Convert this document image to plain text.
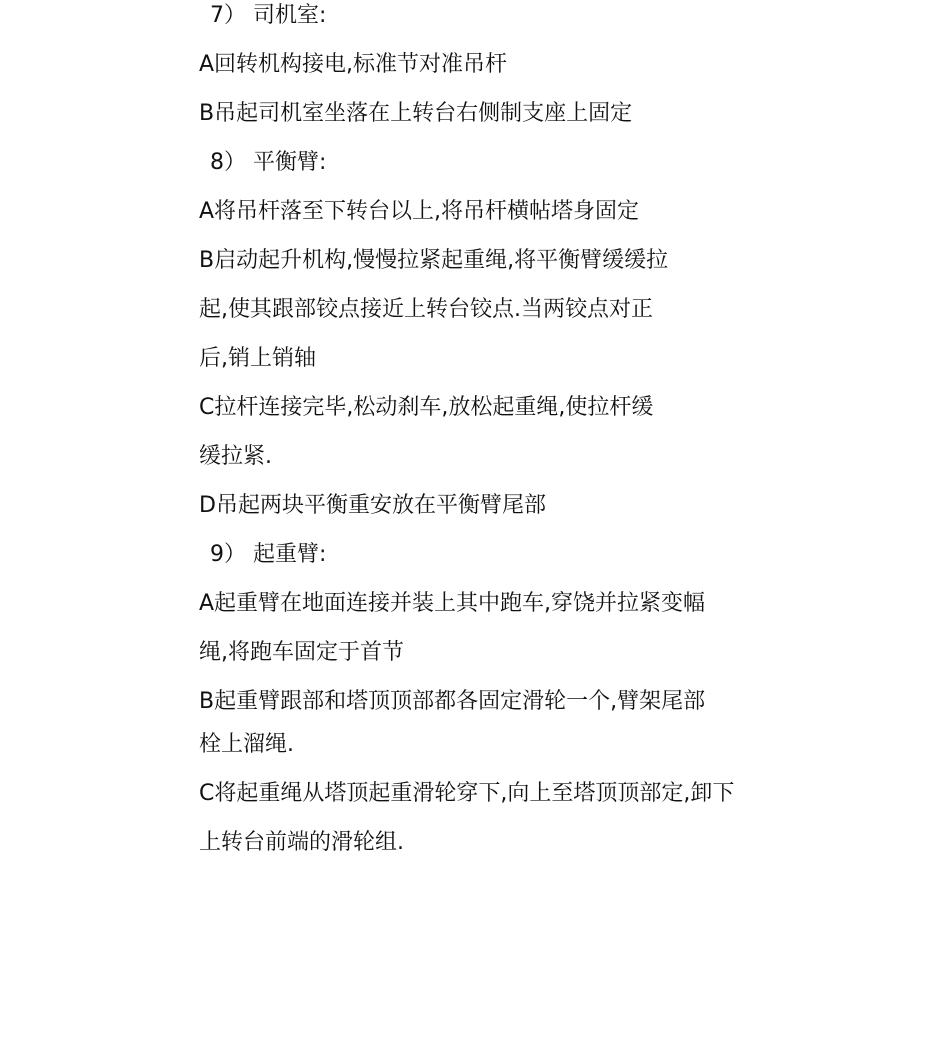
7） 司机室:
A回转机构接电,标准节对准吊杆
B吊起司机室坐落在上转台右侧制支座上固定
8） 平衡臂:
A将吊杆落至下转台以上,将吊杆横帖塔身固定
B启动起升机构,慢慢拉紧起重绳,将平衡臂缓缓拉
起,使其跟部铰点接近上转台铰点.当两铰点对正
后,销上销轴
C拉杆连接完毕,松动刹车,放松起重绳,使拉杆缓
缓拉紧.
D吊起两块平衡重安放在平衡臂尾部
9） 起重臂:
A起重臂在地面连接并装上其中跑车,穿饶并拉紧变幅
绳,将跑车固定于首节
B起重臂跟部和塔顶顶部都各固定滑轮一个,臂架尾部
栓上溜绳.
C将起重绳从塔顶起重滑轮穿下,向上至塔顶顶部定,卸下
上转台前端的滑轮组.
